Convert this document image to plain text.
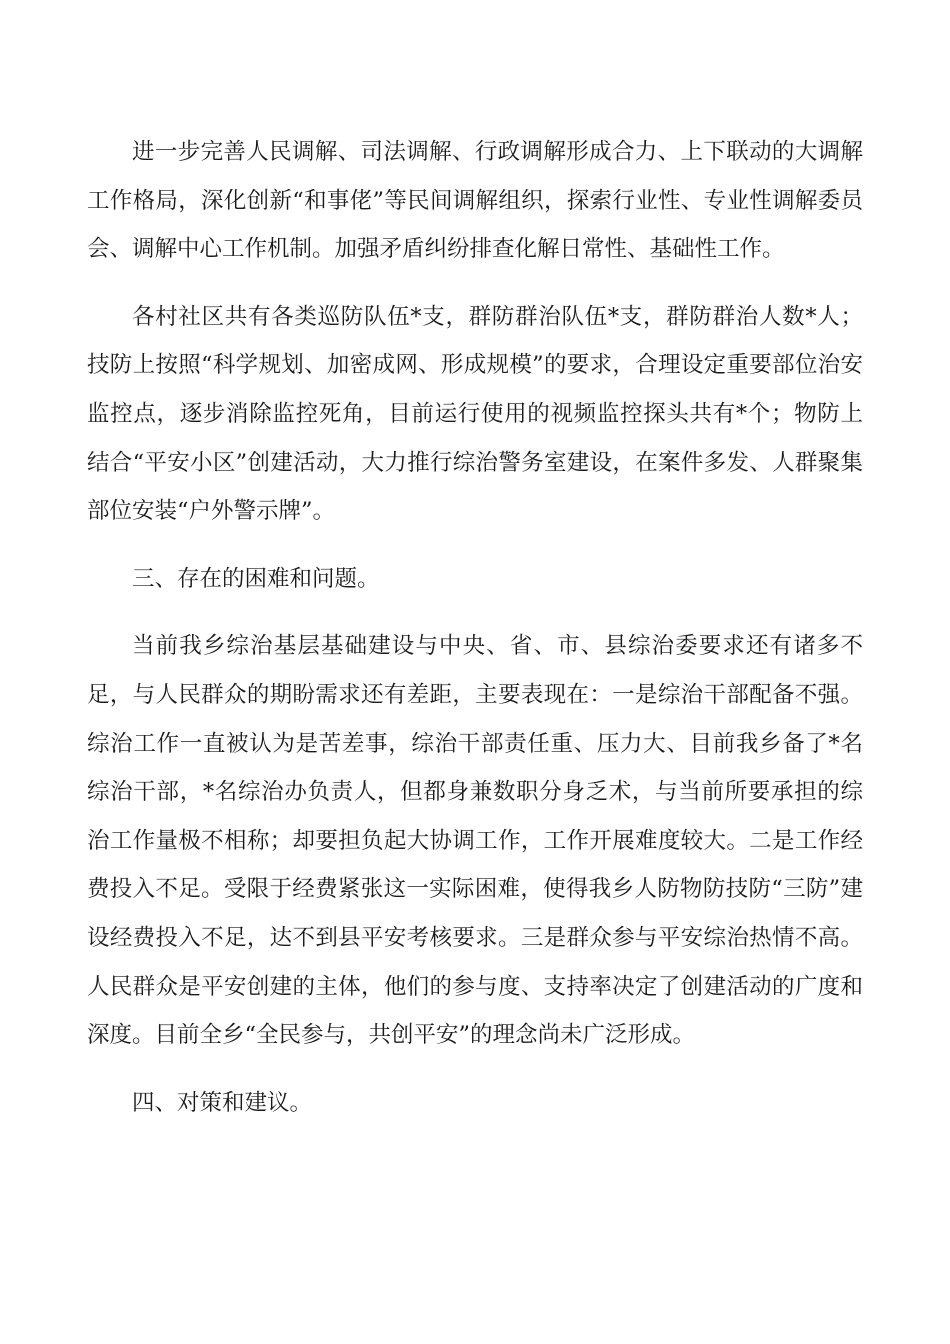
进一步完善人民调解、司法调解、行政调解形成合力、上下联动的大调解工作格局，深化创新“和事佬”等民间调解组织，探索行业性、专业性调解委员会、调解中心工作机制。加强矛盾纠纷排查化解日常性、基础性工作。

各村社区共有各类巡防队伍*支，群防群治队伍*支，群防群治人数*人；技防上按照“科学规划、加密成网、形成规模”的要求，合理设定重要部位治安监控点，逐步消除监控死角，目前运行使用的视频监控探头共有*个；物防上结合“平安小区”创建活动，大力推行综治警务室建设，在案件多发、人群聚集部位安装“户外警示牌”。

三、存在的困难和问题。

当前我乡综治基层基础建设与中央、省、市、县综治委要求还有诸多不足，与人民群众的期盼需求还有差距，主要表现在：一是综治干部配备不强。综治工作一直被认为是苦差事，综治干部责任重、压力大、目前我乡备了*名综治干部，*名综治办负责人，但都身兼数职分身乏术，与当前所要承担的综治工作量极不相称；却要担负起大协调工作，工作开展难度较大。二是工作经费投入不足。受限于经费紧张这一实际困难，使得我乡人防物防技防“三防”建设经费投入不足，达不到县平安考核要求。三是群众参与平安综治热情不高。人民群众是平安创建的主体，他们的参与度、支持率决定了创建活动的广度和深度。目前全乡“全民参与，共创平安”的理念尚未广泛形成。

四、对策和建议。
